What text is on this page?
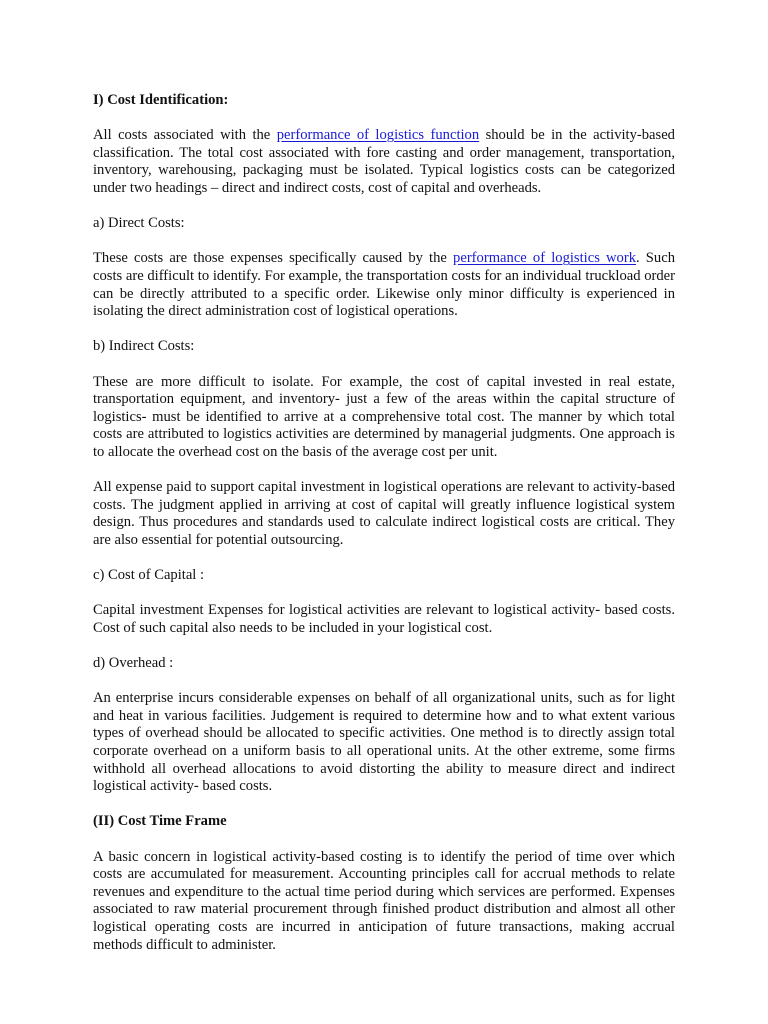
I) Cost Identification:

All costs associated with the performance of logistics function should be in the activity-based classification. The total cost associated with fore casting and order management, transportation, inventory, warehousing, packaging must be isolated. Typical logistics costs can be categorized under two headings – direct and indirect costs, cost of capital and overheads.

a) Direct Costs:

These costs are those expenses specifically caused by the performance of logistics work. Such costs are difficult to identify. For example, the transportation costs for an individual truckload order can be directly attributed to a specific order. Likewise only minor difficulty is experienced in isolating the direct administration cost of logistical operations.

b) Indirect Costs:

These are more difficult to isolate. For example, the cost of capital invested in real estate, transportation equipment, and inventory- just a few of the areas within the capital structure of logistics- must be identified to arrive at a comprehensive total cost. The manner by which total costs are attributed to logistics activities are determined by managerial judgments. One approach is to allocate the overhead cost on the basis of the average cost per unit.

All expense paid to support capital investment in logistical operations are relevant to activity-based costs. The judgment applied in arriving at cost of capital will greatly influence logistical system design. Thus procedures and standards used to calculate indirect logistical costs are critical. They are also essential for potential outsourcing.

c) Cost of Capital :

Capital investment Expenses for logistical activities are relevant to logistical activity- based costs. Cost of such capital also needs to be included in your logistical cost.

d) Overhead :

An enterprise incurs considerable expenses on behalf of all organizational units, such as for light and heat in various facilities. Judgement is required to determine how and to what extent various types of overhead should be allocated to specific activities. One method is to directly assign total corporate overhead on a uniform basis to all operational units. At the other extreme, some firms withhold all overhead allocations to avoid distorting the ability to measure direct and indirect logistical activity- based costs.

(II) Cost Time Frame

A basic concern in logistical activity-based costing is to identify the period of time over which costs are accumulated for measurement. Accounting principles call for accrual methods to relate revenues and expenditure to the actual time period during which services are performed. Expenses associated to raw material procurement through finished product distribution and almost all other logistical operating costs are incurred in anticipation of future transactions, making accrual methods difficult to administer.
